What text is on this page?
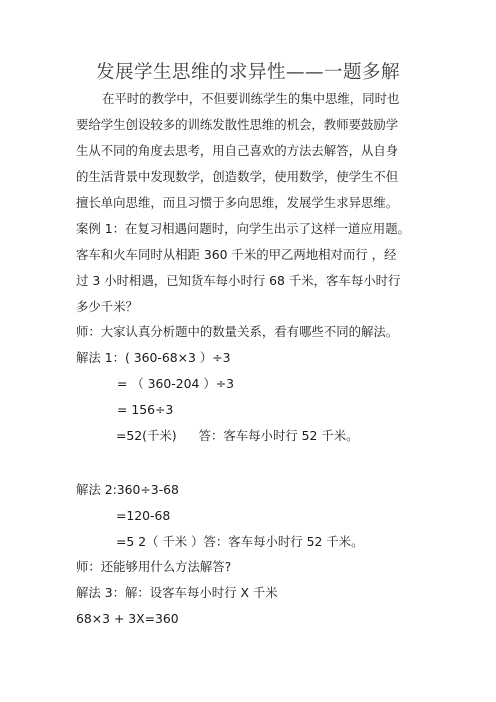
发展学生思维的求异性——一题多解
在平时的教学中，不但要训练学生的集中思维，同时也
要给学生创设较多的训练发散性思维的机会，教师要鼓励学
生从不同的角度去思考，用自己喜欢的方法去解答，从自身
的生活背景中发现数学，创造数学，使用数学，使学生不但
擅长单向思维，而且习惯于多向思维，发展学生求异思维。
案例 1：在复习相遇问题时，向学生出示了这样一道应用题。
客车和火车同时从相距 360 千米的甲乙两地相对而行 ，经
过 3 小时相遇，已知货车每小时行 68 千米，客车每小时行
多少千米？
师：大家认真分析题中的数量关系，看有哪些不同的解法。
解法 1：( 360-68×3 ）÷3
= （ 360-204 ）÷3
= 156÷3
=52(千米) 答：客车每小时行 52 千米。
解法 2:360÷3-68
=120-68
=5 2（ 千米 ）答：客车每小时行 52 千米。
师：还能够用什么方法解答?
解法 3：解：设客车每小时行 X 千米
68×3 + 3X=360
